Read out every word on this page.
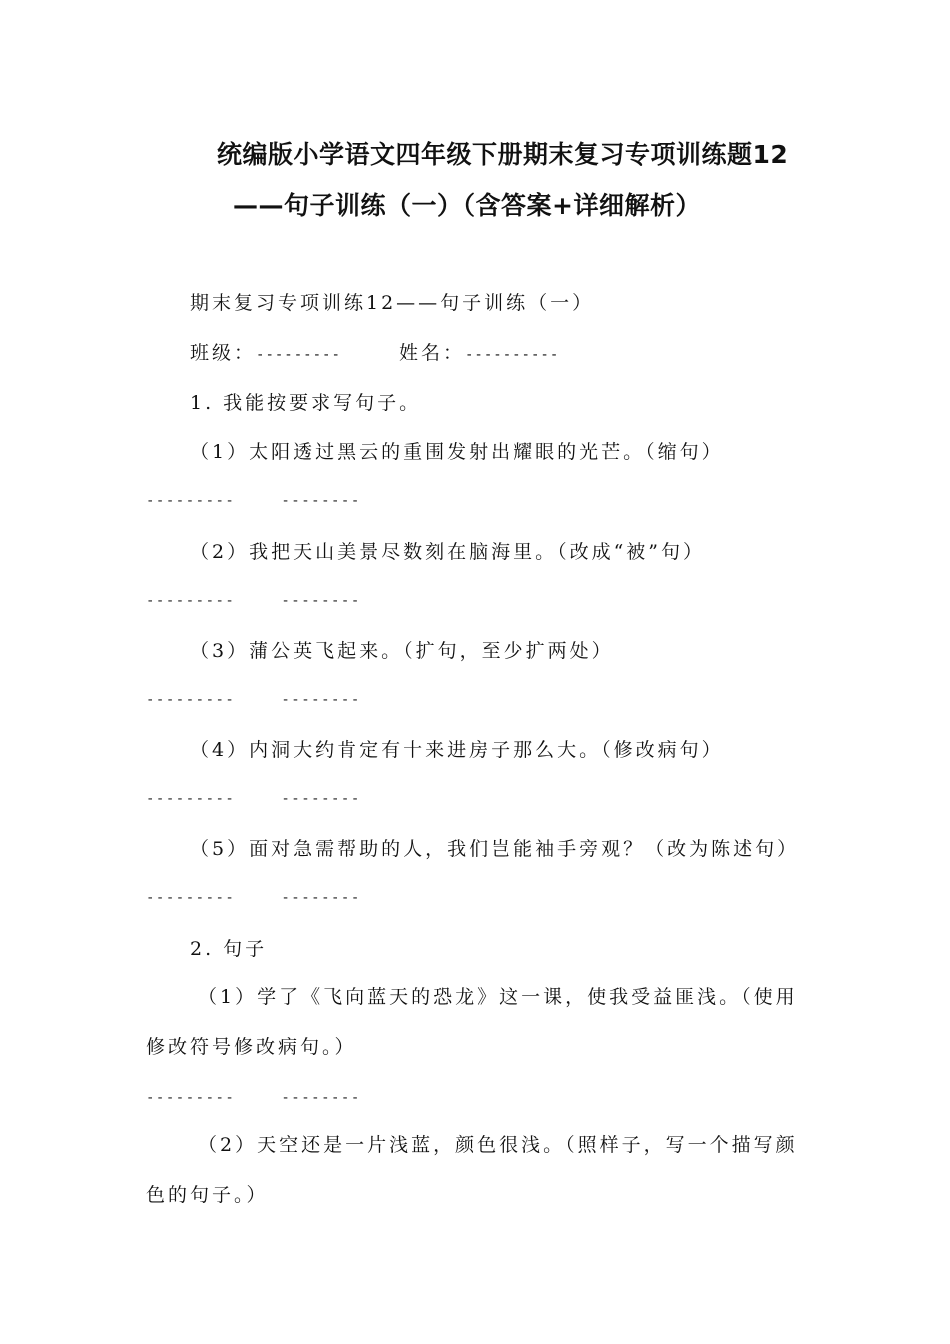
统编版小学语文四年级下册期末复习专项训练题12
——句子训练（一）（含答案+详细解析）
期末复习专项训练12——句子训练（一）
班级：---------	姓名：----------
1. 我能按要求写句子。
（1）太阳透过黑云的重围发射出耀眼的光芒。（缩句）
---------	--------
（2）我把天山美景尽数刻在脑海里。（改成“被”句）
---------	--------
（3）蒲公英飞起来。（扩句，至少扩两处）
---------	--------
（4）内洞大约肯定有十来进房子那么大。（修改病句）
---------	--------
（5）面对急需帮助的人，我们岂能袖手旁观？（改为陈述句）
---------	--------
2. 句子
（1）学了《飞向蓝天的恐龙》这一课，使我受益匪浅。（使用修改符号修改病句。）
---------	--------
（2）天空还是一片浅蓝，颜色很浅。（照样子，写一个描写颜色的句子。）
